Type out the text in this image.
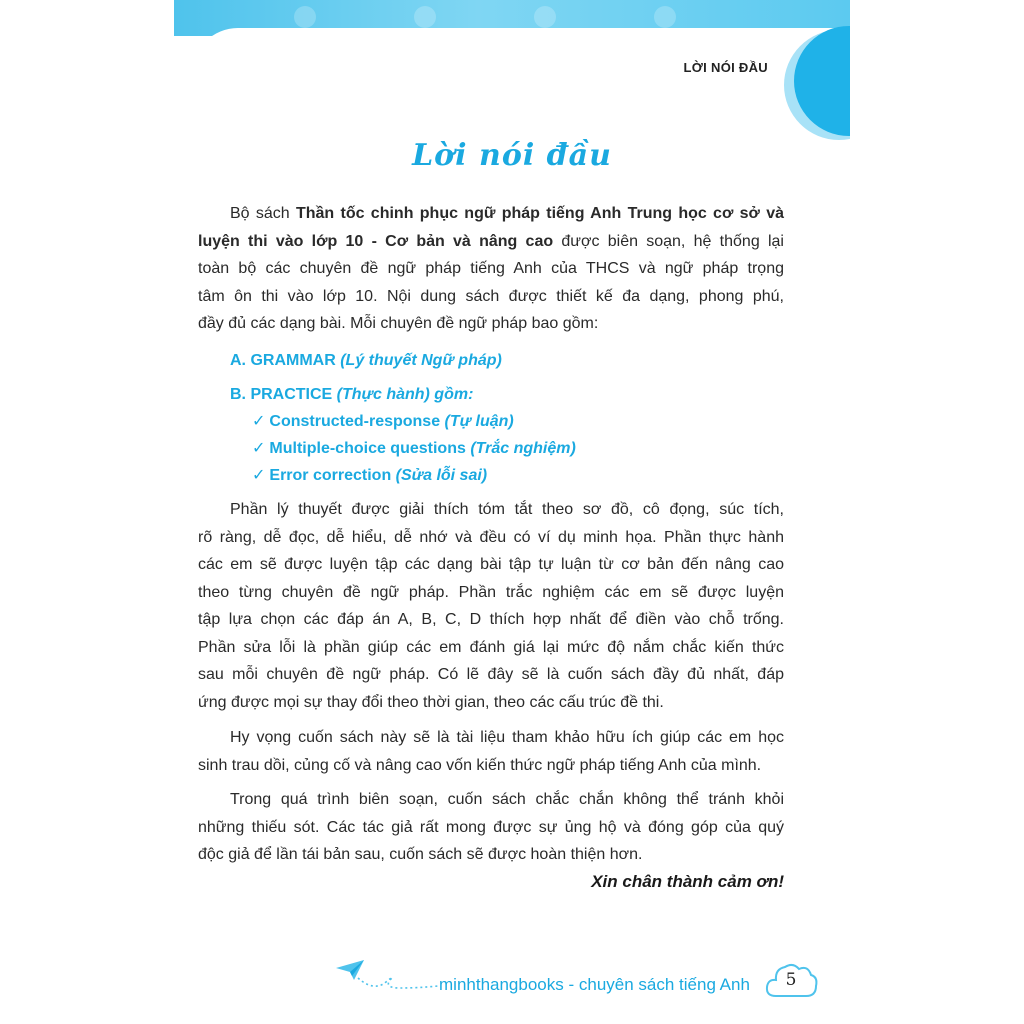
LỜI NÓI ĐẦU
Lời nói đầu
Bộ sách Thần tốc chinh phục ngữ pháp tiếng Anh Trung học cơ sở và
luyện thi vào lớp 10 - Cơ bản và nâng cao được biên soạn, hệ thống lại
toàn bộ các chuyên đề ngữ pháp tiếng Anh của THCS và ngữ pháp trọng
tâm ôn thi vào lớp 10. Nội dung sách được thiết kế đa dạng, phong phú,
đầy đủ các dạng bài. Mỗi chuyên đề ngữ pháp bao gồm:
A. GRAMMAR (Lý thuyết Ngữ pháp)
B. PRACTICE (Thực hành) gồm:
✓ Constructed-response (Tự luận)
✓ Multiple-choice questions (Trắc nghiệm)
✓ Error correction (Sửa lỗi sai)
Phần lý thuyết được giải thích tóm tắt theo sơ đồ, cô đọng, súc tích,
rõ ràng, dễ đọc, dễ hiểu, dễ nhớ và đều có ví dụ minh họa. Phần thực hành
các em sẽ được luyện tập các dạng bài tập tự luận từ cơ bản đến nâng cao
theo từng chuyên đề ngữ pháp. Phần trắc nghiệm các em sẽ được luyện
tập lựa chọn các đáp án A, B, C, D thích hợp nhất để điền vào chỗ trống.
Phần sửa lỗi là phần giúp các em đánh giá lại mức độ nắm chắc kiến thức
sau mỗi chuyên đề ngữ pháp. Có lẽ đây sẽ là cuốn sách đầy đủ nhất, đáp
ứng được mọi sự thay đổi theo thời gian, theo các cấu trúc đề thi.
Hy vọng cuốn sách này sẽ là tài liệu tham khảo hữu ích giúp các em học
sinh trau dồi, củng cố và nâng cao vốn kiến thức ngữ pháp tiếng Anh của mình.
Trong quá trình biên soạn, cuốn sách chắc chắn không thể tránh khỏi
những thiếu sót. Các tác giả rất mong được sự ủng hộ và đóng góp của quý
độc giả để lần tái bản sau, cuốn sách sẽ được hoàn thiện hơn.
Xin chân thành cảm ơn!
minhthangbooks - chuyên sách tiếng Anh	5
